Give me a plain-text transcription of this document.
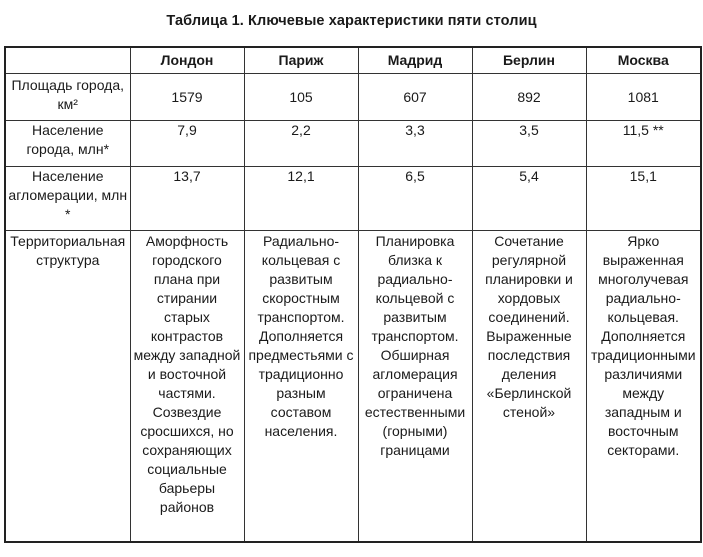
Таблица 1. Ключевые характеристики пяти столиц
	Лондон	Париж	Мадрид	Берлин	Москва
Площадь города, км²	1579	105	607	892	1081
Население города, млн*	7,9	2,2	3,3	3,5	11,5 **
Население агломерации, млн *	13,7	12,1	6,5	5,4	15,1
Территориальная структура	Аморфность городского плана при стирании старых контрастов между западной и восточной частями. Созвездие сросшихся, но сохраняющих социальные барьеры районов	Радиально-кольцевая с развитым скоростным транспортом. Дополняется предместьями с традиционно разным составом населения.	Планировка близка к радиально-кольцевой с развитым транспортом. Обширная агломерация ограничена естественными (горными) границами	Сочетание регулярной планировки и хордовых соединений. Выраженные последствия деления «Берлинской стеной»	Ярко выраженная многолучевая радиально-кольцевая. Дополняется традиционными различиями между западным и восточным секторами.
